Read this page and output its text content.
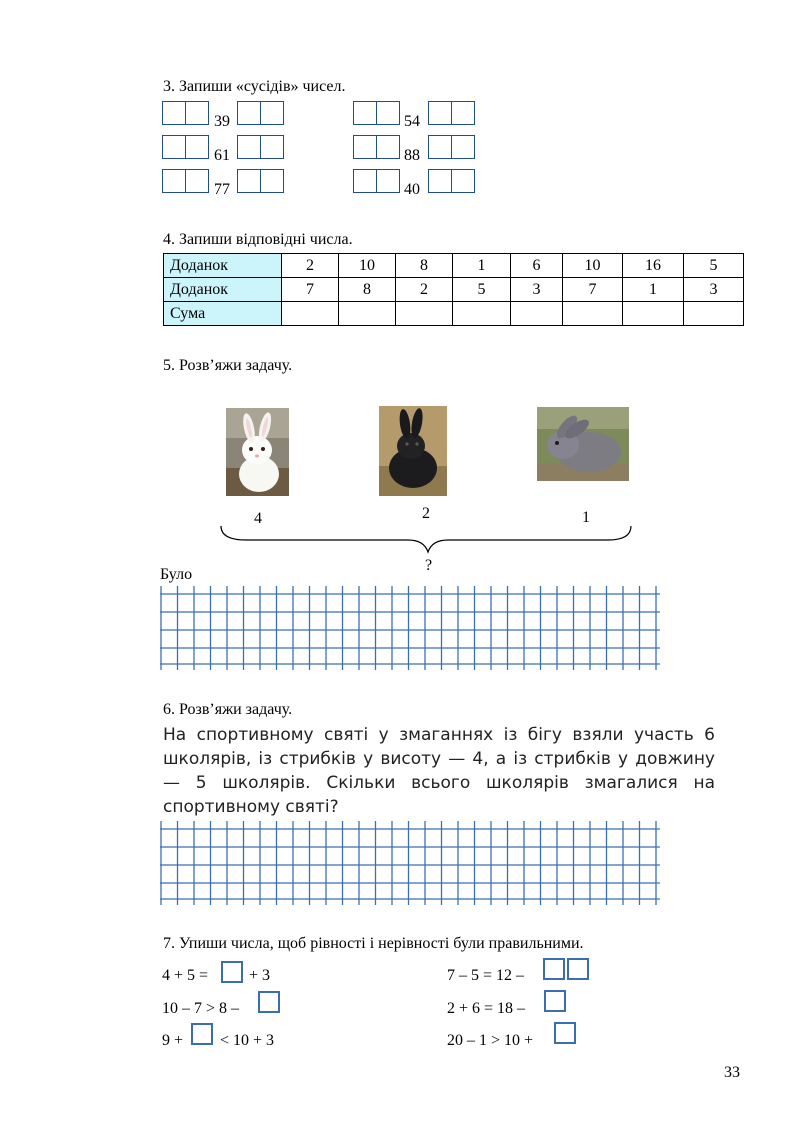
3. Запиши «сусідів» чисел.
39
61
77
54
88
40
4. Запиши відповідні числа.
Доданок	2	10	8	1	6	10	16	5
Доданок	7	8	2	5	3	7	1	3
Сума								
5. Розв’яжи задачу.
4	2	1
?
Було
6. Розв’яжи задачу.
На спортивному святі у змаганнях із бігу взяли участь 6 школярів, із стрибків у висоту — 4, а із стрибків у довжину — 5 школярів. Скільки всього школярів змагалися на спортивному святі?
7. Упиши числа, щоб рівності і нерівності були правильними.
4 + 5 =	+ 3
10 – 7 > 8 –
9 + < 10 + 3
7 – 5 = 12 –
2 + 6 = 18 –
20 – 1 > 10 +
33
